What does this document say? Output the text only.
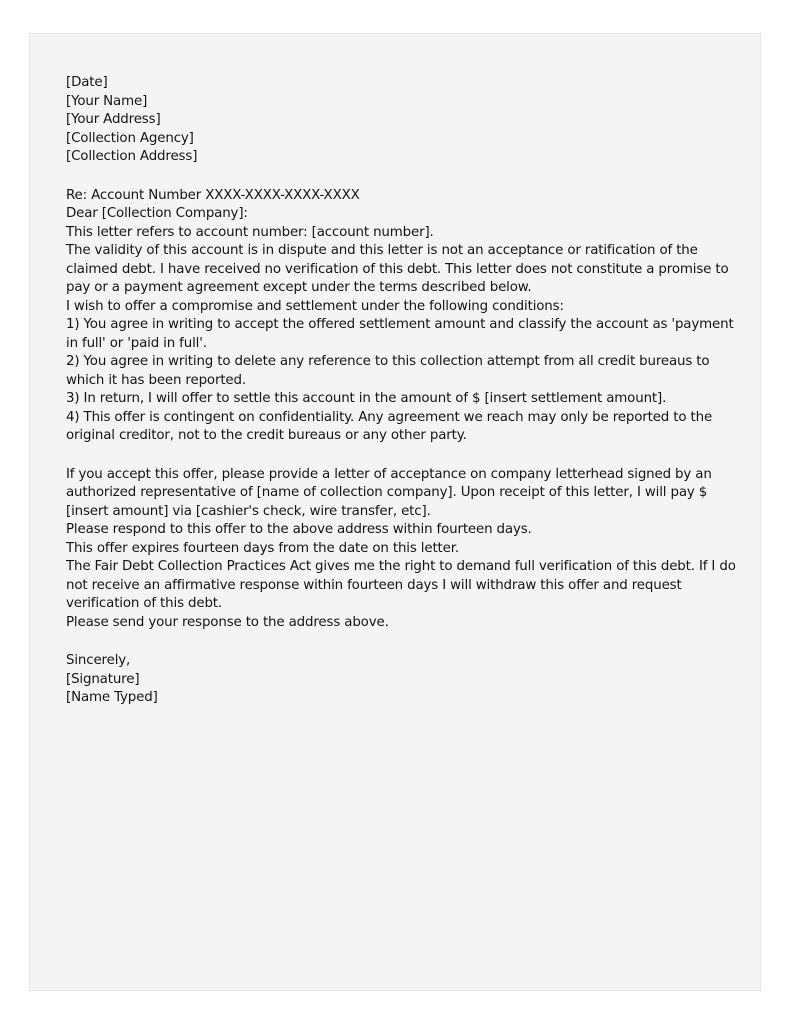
[Date]

[Your Name]

[Your Address]

[Collection Agency]

[Collection Address]

Re: Account Number XXXX-XXXX-XXXX-XXXX

Dear [Collection Company]:

This letter refers to account number: [account number].

The validity of this account is in dispute and this letter is not an acceptance or ratification of the claimed debt. I have received no verification of this debt. This letter does not constitute a promise to pay or a payment agreement except under the terms described below.

I wish to offer a compromise and settlement under the following conditions:

1) You agree in writing to accept the offered settlement amount and classify the account as 'payment in full' or 'paid in full'.

2) You agree in writing to delete any reference to this collection attempt from all credit bureaus to which it has been reported.

3) In return, I will offer to settle this account in the amount of $ [insert settlement amount].

4) This offer is contingent on confidentiality. Any agreement we reach may only be reported to the original creditor, not to the credit bureaus or any other party.

If you accept this offer, please provide a letter of acceptance on company letterhead signed by an authorized representative of [name of collection company]. Upon receipt of this letter, I will pay $ [insert amount] via [cashier's check, wire transfer, etc].

Please respond to this offer to the above address within fourteen days.

This offer expires fourteen days from the date on this letter.

The Fair Debt Collection Practices Act gives me the right to demand full verification of this debt. If I do not receive an affirmative response within fourteen days I will withdraw this offer and request verification of this debt.

Please send your response to the address above.

Sincerely,

[Signature]

[Name Typed]
